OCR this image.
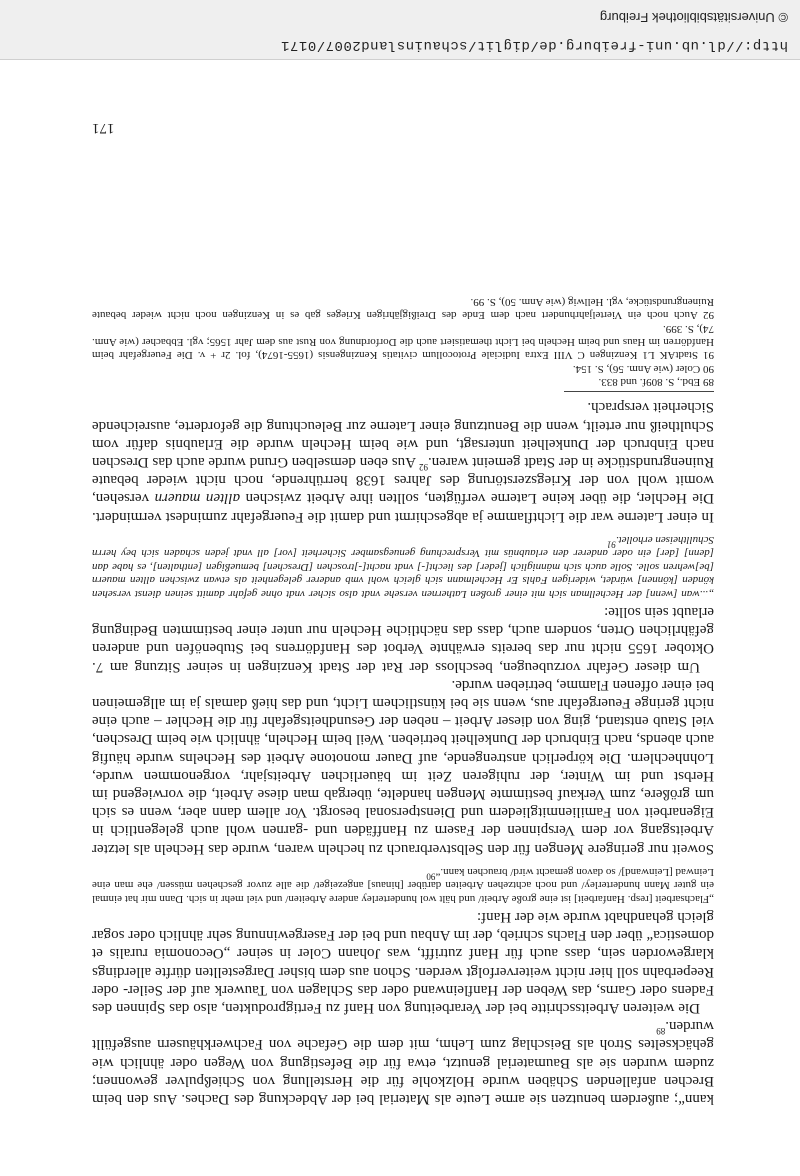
kann“; außerdem benutzen sie arme Leute als Material bei der Abdeckung des Daches. Aus den beim Brechen anfallenden Schäben wurde Holzkohle für die Herstellung von Schießpulver gewonnen; zudem wurden sie als Baumaterial genutzt, etwa für die Befestigung von Wegen oder ähnlich wie gehäckseltes Stroh als Beischlag zum Lehm, mit dem die Gefache von Fachwerkhäusern ausgefüllt wurden.$^{89}$

Die weiteren Arbeitsschritte bei der Verarbeitung von Hanf zu Fertigprodukten, also das Spinnen des Fadens oder Garns, das Weben der Hanfleinwand oder das Schlagen von Tauwerk auf der Seiler- oder Reeperbahn soll hier nicht weiterverfolgt werden. Schon aus dem bisher Dargestellten dürfte allerdings klargeworden sein, dass auch für Hanf zutrifft, was Johann Coler in seiner „Oeconomia ruralis et domestica“ über den Flachs schrieb, der im Anbau und bei der Fasergewinnung sehr ähnlich oder sogar gleich gehandhabt wurde wie der Hanf:

„Flachsarbeit [resp. Hanfarbeit] ist eine große Arbeit/ und hält wol hunderterley andere Arbeiten/ und viel mehr in sich. Dann mir hat einmal ein guter Mann hunderterley/ und noch achtzehen Arbeiten darüber [hinaus] angezeiget/ die alle zuvor geschehen müssen/ ehe man eine Leinwad [Leinwand]/ so davon gemacht wird/ brauchen kann.“$^{90}$

Soweit nur geringere Mengen für den Selbstverbrauch zu hecheln waren, wurde das Hecheln als letzter Arbeitsgang vor dem Verspinnen der Fasern zu Hanffäden und -garnen wohl auch gelegentlich in Eigenarbeit von Familienmitgliedern und Dienstpersonal besorgt. Vor allem dann aber, wenn es sich um größere, zum Verkauf bestimmte Mengen handelte, übergab man diese Arbeit, die vorwiegend im Herbst und im Winter, der ruhigeren Zeit im bäuerlichen Arbeitsjahr, vorgenommen wurde, Lohnhechlern. Die körperlich anstrengende, auf Dauer monotone Arbeit des Hechelns wurde häufig auch abends, nach Einbruch der Dunkelheit betrieben. Weil beim Hecheln, ähnlich wie beim Dreschen, viel Staub entstand, ging von dieser Arbeit – neben der Gesundheitsgefahr für die Hechler – auch eine nicht geringe Feuergefahr aus, wenn sie bei künstlichem Licht, und das hieß damals ja im allgemeinen bei einer offenen Flamme, betrieben wurde.

Um dieser Gefahr vorzubeugen, beschloss der Rat der Stadt Kenzingen in seiner Sitzung am 7. Oktober 1655 nicht nur das bereits erwähnte Verbot des Hanfdörrens bei Stubenöfen und anderen gefährlichen Orten, sondern auch, dass das nächtliche Hecheln nur unter einer bestimmten Bedingung erlaubt sein sollte:

„...wan [wenn] der Hechellman sich mit einer großen Lathernen versehe vndt also sicher vndt ohne gefahr damitt seinen dienst versehen könden [können] würdet, widerigen Fahls Er Hechelmann sich gleich wohl vmb anderer gelegenheit als etwan zwischen allten mauern [be]wehren solle. Solle auch sich männiglich [jeder] des liecht[-] vndt nacht[-]troschen [Dreschen] bemueßigen [enthalten], es habe dan [denn] [der] ein oder anderer den erlaubnüs mit Versprechung genuegsamber Sicherheit [vor] all vndt jeden schaden sich bey herrn Schulltheisen erhollet.$^{91}$

In einer Laterne war die Lichtflamme ja abgeschirmt und damit die Feuergefahr zumindest vermindert. Die Hechler, die über keine Laterne verfügten, sollten ihre Arbeit zwischen allten mauern versehen, womit wohl von der Kriegszerstörung des Jahres 1638 herrührende, noch nicht wieder bebaute Ruinengrundstücke in der Stadt gemeint waren.$^{92}$ Aus eben demselben Grund wurde auch das Dreschen nach Einbruch der Dunkelheit untersagt, und wie beim Hecheln wurde die Erlaubnis dafür vom Schultheiß nur erteilt, wenn die Benutzung einer Laterne zur Beleuchtung die geforderte, ausreichende Sicherheit versprach.

89 Ebd., S. 809f. und 833.

90 Coler (wie Anm. 56), S. 154.

91 StadtAK L1 Kenzingen C VIII Extra Iudiciale Protocollum civitatis Kenzingensis (1655-1674), fol. 2r + v. Die Feuergefahr beim Hanfdörren im Haus und beim Hecheln bei Licht thematisiert auch die Dorfordnung von Rust aus dem Jahr 1565; vgl. Ebbacher (wie Anm. 74), S. 399.

92 Auch noch ein Vierteljahrhundert nach dem Ende des Dreißigjährigen Krieges gab es in Kenzingen noch nicht wieder bebaute Ruinengrundstücke, vgl. Hellwig (wie Anm. 50), S. 99.

171
http://dl.ub.uni-freiburg.de/diglit/schauinsland2007/0171
© Universitätsbibliothek Freiburg
